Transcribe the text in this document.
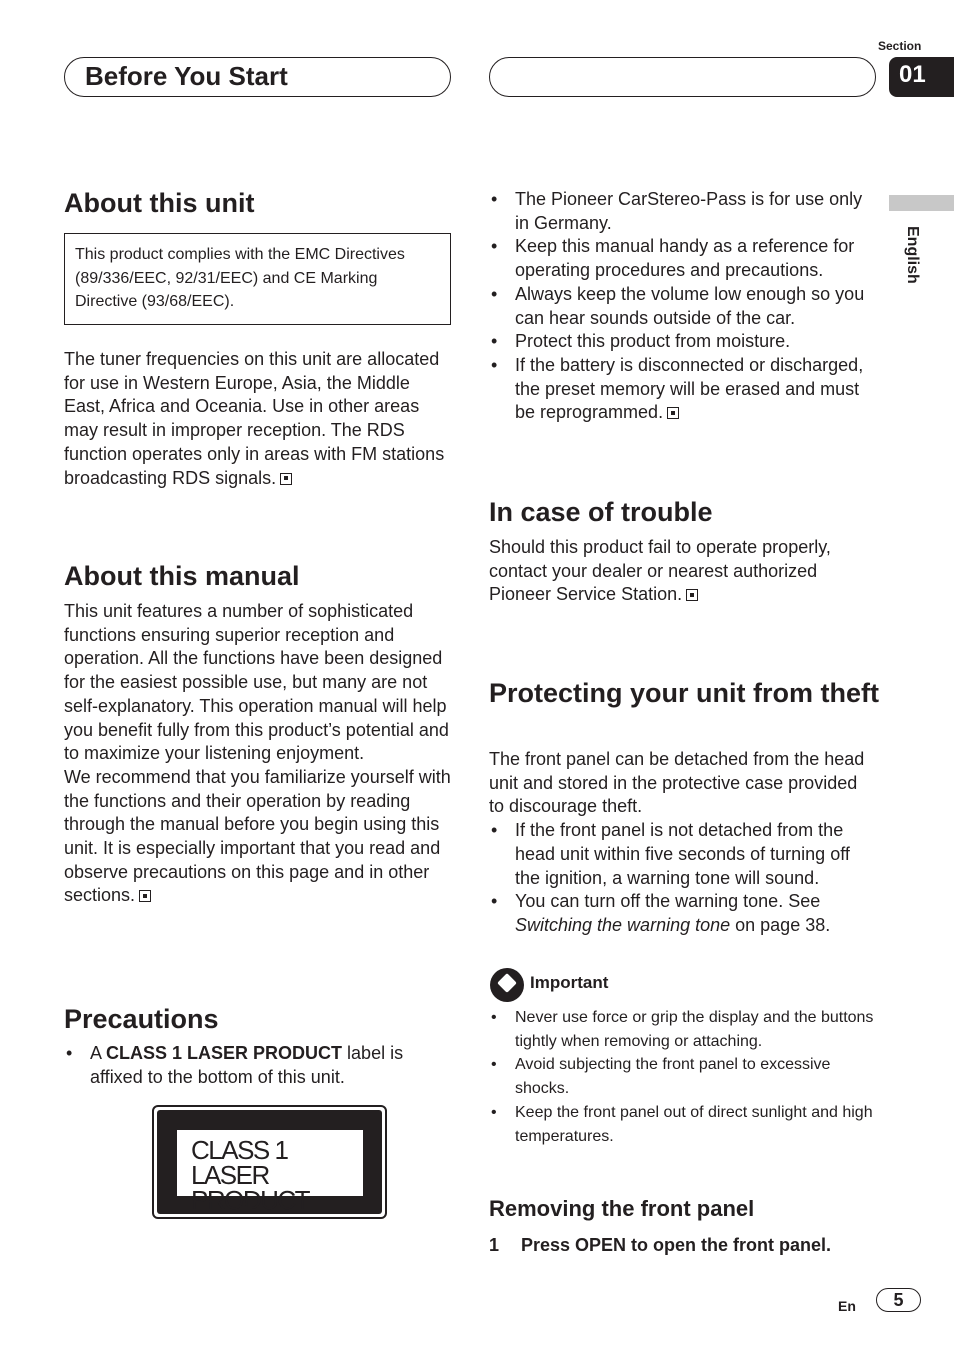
Before You Start
Section
01
English
About this unit

This product complies with the EMC Directives (89/336/EEC, 92/31/EEC) and CE Marking Directive (93/68/EEC).

The tuner frequencies on this unit are allocated for use in Western Europe, Asia, the Middle East, Africa and Oceania. Use in other areas may result in improper reception. The RDS function operates only in areas with FM stations broadcasting RDS signals.

About this manual

This unit features a number of sophisticated functions ensuring superior reception and operation. All the functions have been designed for the easiest possible use, but many are not self-explanatory. This operation manual will help you benefit fully from this product’s potential and to maximize your listening enjoyment.

We recommend that you familiarize yourself with the functions and their operation by reading through the manual before you begin using this unit. It is especially important that you read and observe precautions on this page and in other sections.

Precautions
• A CLASS 1 LASER PRODUCT label is affixed to the bottom of this unit.
CLASS 1
LASER PRODUCT
• The Pioneer CarStereo-Pass is for use only in Germany.
• Keep this manual handy as a reference for operating procedures and precautions.
• Always keep the volume low enough so you can hear sounds outside of the car.
• Protect this product from moisture.
• If the battery is disconnected or discharged, the preset memory will be erased and must be reprogrammed.
In case of trouble

Should this product fail to operate properly, contact your dealer or nearest authorized Pioneer Service Station.

Protecting your unit from theft

The front panel can be detached from the head unit and stored in the protective case provided to discourage theft.

• If the front panel is not detached from the head unit within five seconds of turning off the ignition, a warning tone will sound.
• You can turn off the warning tone. See Switching the warning tone on page 38.
Important
• Never use force or grip the display and the buttons tightly when removing or attaching.
• Avoid subjecting the front panel to excessive shocks.
• Keep the front panel out of direct sunlight and high temperatures.
Removing the front panel
1 Press OPEN to open the front panel.
En	5
